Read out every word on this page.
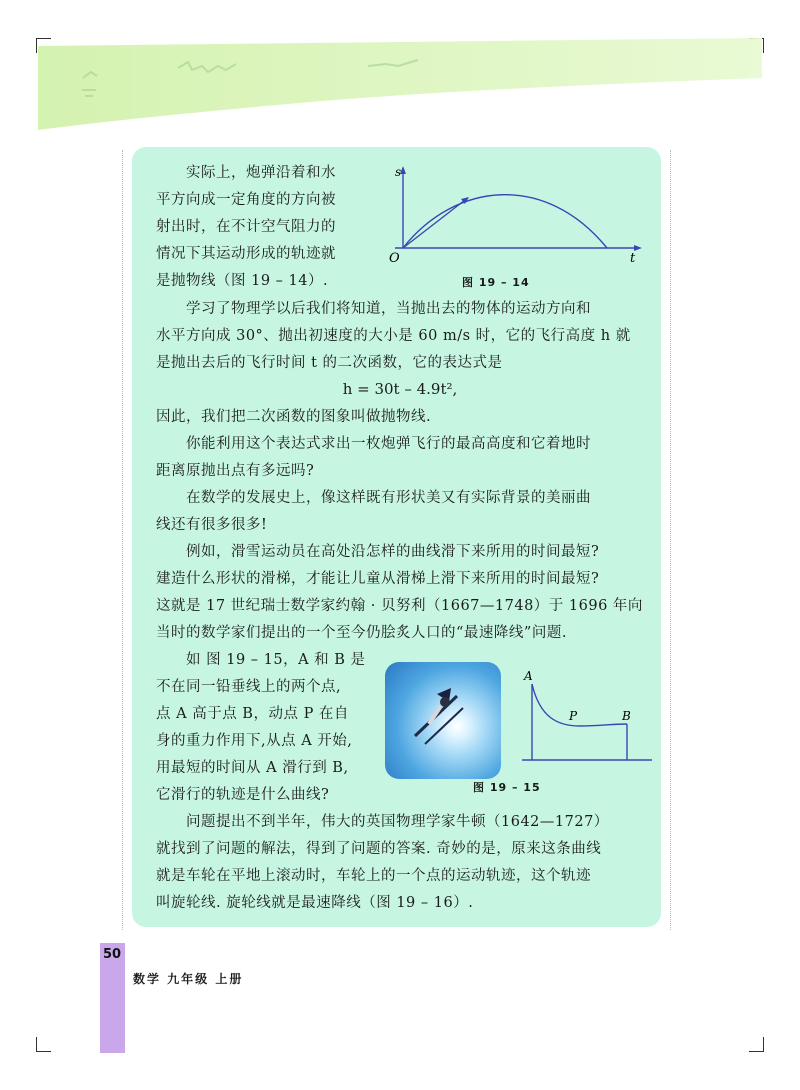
s
t
O
图 19 – 14
实际上，炮弹沿着和水
平方向成一定角度的方向被
射出时，在不计空气阻力的
情况下其运动形成的轨迹就
是抛物线（图 19 – 14）.
学习了物理学以后我们将知道，当抛出去的物体的运动方向和
水平方向成 30°、抛出初速度的大小是 60 m/s 时，它的飞行高度 h 就
是抛出去后的飞行时间 t 的二次函数，它的表达式是
h = 30t – 4.9t²,
因此，我们把二次函数的图象叫做抛物线.
你能利用这个表达式求出一枚炮弹飞行的最高高度和它着地时
距离原抛出点有多远吗?
在数学的发展史上，像这样既有形状美又有实际背景的美丽曲
线还有很多很多!
例如，滑雪运动员在高处沿怎样的曲线滑下来所用的时间最短?
建造什么形状的滑梯，才能让儿童从滑梯上滑下来所用的时间最短?
这就是 17 世纪瑞士数学家约翰 · 贝努利（1667—1748）于 1696 年向
当时的数学家们提出的一个至今仍脍炙人口的“最速降线”问题.
如 图 19 – 15，A 和 B 是
不在同一铅垂线上的两个点,
点 A 高于点 B，动点 P 在自
身的重力作用下,从点 A 开始,
用最短的时间从 A 滑行到 B,
它滑行的轨迹是什么曲线?
A
P	B
图 19 – 15
问题提出不到半年，伟大的英国物理学家牛顿（1642—1727）
就找到了问题的解法，得到了问题的答案. 奇妙的是，原来这条曲线
就是车轮在平地上滚动时，车轮上的一个点的运动轨迹，这个轨迹
叫旋轮线. 旋轮线就是最速降线（图 19 – 16）.
50
数学 九年级 上册
